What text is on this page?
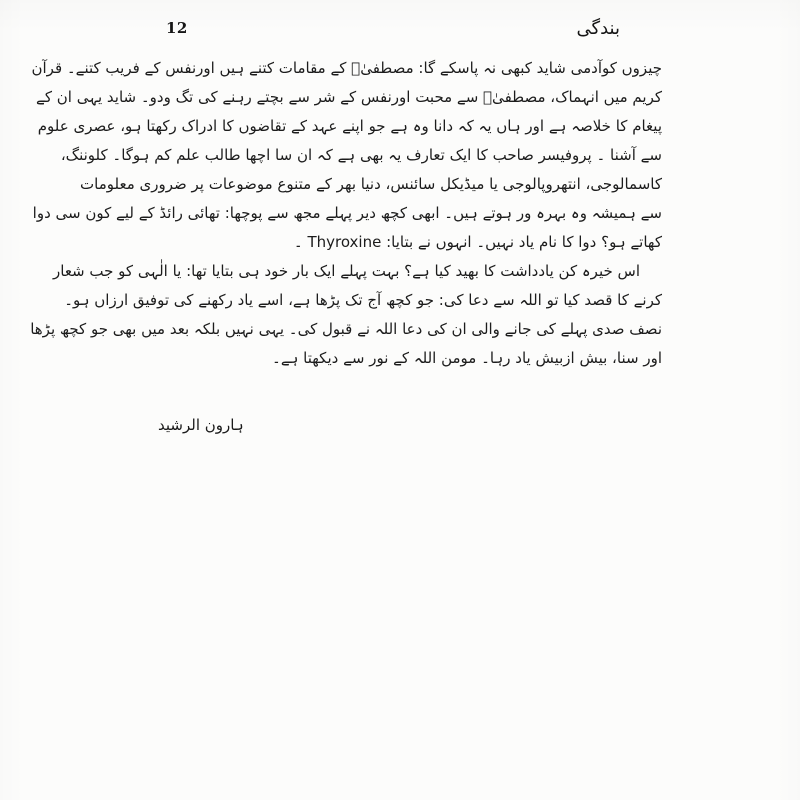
12	بندگی
چیزوں کوآدمی شاید کبھی نہ پاسکے گا: مصطفیٰؐ کے مقامات کتنے ہیں اورنفس کے فریب کتنے۔ قرآن
کریم میں انہماک، مصطفیٰؐ سے محبت اورنفس کے شر سے بچتے رہنے کی تگ ودو۔ شاید یہی ان کے
پیغام کا خلاصہ ہے اور ہاں یہ کہ دانا وہ ہے جو اپنے عہد کے تقاضوں کا ادراک رکھتا ہو، عصری علوم
سے آشنا ۔ پروفیسر صاحب کا ایک تعارف یہ بھی ہے کہ ان سا اچھا طالب علم کم ہوگا۔ کلوننگ،
کاسمالوجی، انتھروپالوجی یا میڈیکل سائنس، دنیا بھر کے متنوع موضوعات پر ضروری معلومات
سے ہمیشہ وہ بہرہ ور ہوتے ہیں۔ ابھی کچھ دیر پہلے مجھ سے پوچھا: تھائی رائڈ کے لیے کون سی دوا
کھاتے ہو؟ دوا کا نام یاد نہیں۔ انہوں نے بتایا: Thyroxine ۔
اس خیرہ کن یادداشت کا بھید کیا ہے؟ بہت پہلے ایک بار خود ہی بتایا تھا: یا الٰہی کو جب شعار
کرنے کا قصد کیا تو اللہ سے دعا کی: جو کچھ آج تک پڑھا ہے، اسے یاد رکھنے کی توفیق ارزاں ہو۔
نصف صدی پہلے کی جانے والی ان کی دعا اللہ نے قبول کی۔ یہی نہیں بلکہ بعد میں بھی جو کچھ پڑھا
اور سنا، بیش ازبیش یاد رہا۔ مومن اللہ کے نور سے دیکھتا ہے۔
ہارون الرشید
